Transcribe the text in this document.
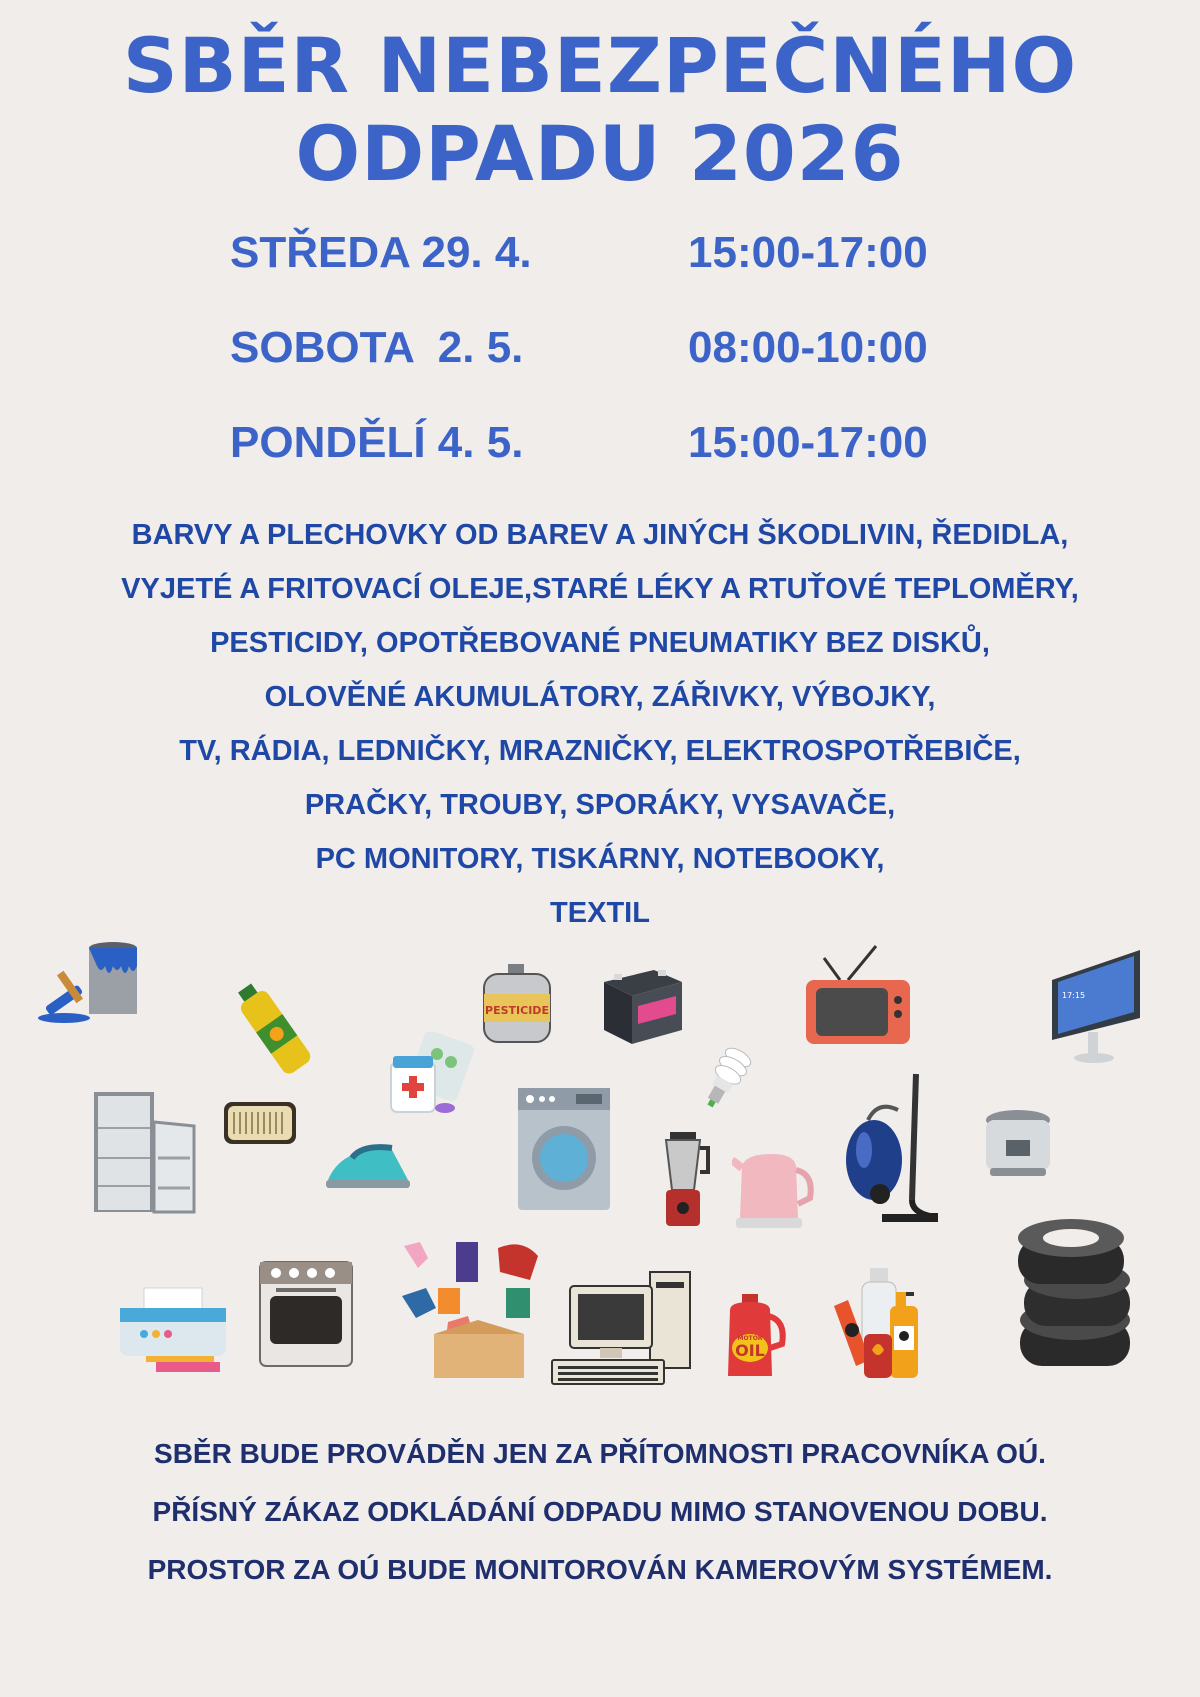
SBĚR NEBEZPEČNÉHO
ODPADU 2026
STŘEDA 29. 4.	15:00-17:00
SOBOTA  2. 5.	08:00-10:00
PONDĚLÍ 4. 5.	15:00-17:00
BARVY A PLECHOVKY OD BAREV A JINÝCH ŠKODLIVIN, ŘEDIDLA,
VYJETÉ A FRITOVACÍ OLEJE,STARÉ LÉKY A RTUŤOVÉ TEPLOMĚRY,
PESTICIDY, OPOTŘEBOVANÉ PNEUMATIKY BEZ DISKŮ,
OLOVĚNÉ AKUMULÁTORY, ZÁŘIVKY, VÝBOJKY,
TV, RÁDIA, LEDNIČKY, MRAZNIČKY, ELEKTROSPOTŘEBIČE,
PRAČKY, TROUBY, SPORÁKY, VYSAVAČE,
PC MONITORY, TISKÁRNY, NOTEBOOKY,
TEXTIL
PESTICIDE
17:15
MOTOR
OIL
SBĚR BUDE PROVÁDĚN JEN ZA PŘÍTOMNOSTI PRACOVNÍKA OÚ.
PŘÍSNÝ ZÁKAZ ODKLÁDÁNÍ ODPADU MIMO STANOVENOU DOBU.
PROSTOR ZA OÚ BUDE MONITOROVÁN KAMEROVÝM SYSTÉMEM.
